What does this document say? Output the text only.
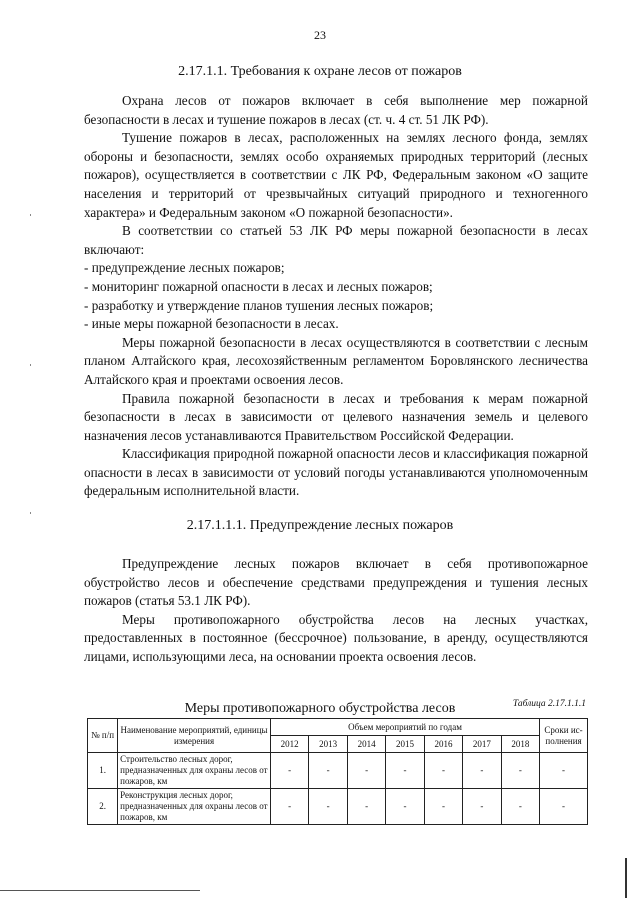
23
2.17.1.1. Требования к охране лесов от пожаров

Охрана лесов от пожаров включает в себя выполнение мер пожарной безопасности в лесах и тушение пожаров в лесах (ст. ч. 4 ст. 51 ЛК РФ).

Тушение пожаров в лесах, расположенных на землях лесного фонда, землях обороны и безопасности, землях особо охраняемых природных территорий (лесных пожаров), осуществляется в соответствии с ЛК РФ, Федеральным законом «О защите населения и территорий от чрезвычайных ситуаций природного и техногенного характера» и Федеральным законом «О пожарной безопасности».

В соответствии со статьей 53 ЛК РФ меры пожарной безопасности в лесах включают:

- предупреждение лесных пожаров;

- мониторинг пожарной опасности в лесах и лесных пожаров;

- разработку и утверждение планов тушения лесных пожаров;

- иные меры пожарной безопасности в лесах.

Меры пожарной безопасности в лесах осуществляются в соответствии с лесным планом Алтайского края, лесохозяйственным регламентом Боровлянского лесничества Алтайского края и проектами освоения лесов.

Правила пожарной безопасности в лесах и требования к мерам пожарной безопасности в лесах в зависимости от целевого назначения земель и целевого назначения лесов устанавливаются Правительством Российской Федерации.

Классификация природной пожарной опасности лесов и классификация пожарной опасности в лесах в зависимости от условий погоды устанавливаются уполномоченным федеральным исполнительной власти.

2.17.1.1.1. Предупреждение лесных пожаров

Предупреждение лесных пожаров включает в себя противопожарное обустройство лесов и обеспечение средствами предупреждения и тушения лесных пожаров (статья 53.1 ЛК РФ).

Меры противопожарного обустройства лесов на лесных участках, предоставленных в постоянное (бессрочное) пользование, в аренду, осуществляются лицами, использующими леса, на основании проекта освоения лесов.

Таблица 2.17.1.1.1
Меры противопожарного обустройства лесов
№ п/п	Наименование мероприятий, единицы измерения	Объем мероприятий по годам							Сроки ис-полнения
		2012	2013	2014	2015	2016	2017	2018	
1.	Строительство лесных дорог, предназначенных для охраны лесов от пожаров, км	-	-	-	-	-	-	-	-
2.	Реконструкция лесных дорог, предназначенных для охраны лесов от пожаров, км	-	-	-	-	-	-	-	-
